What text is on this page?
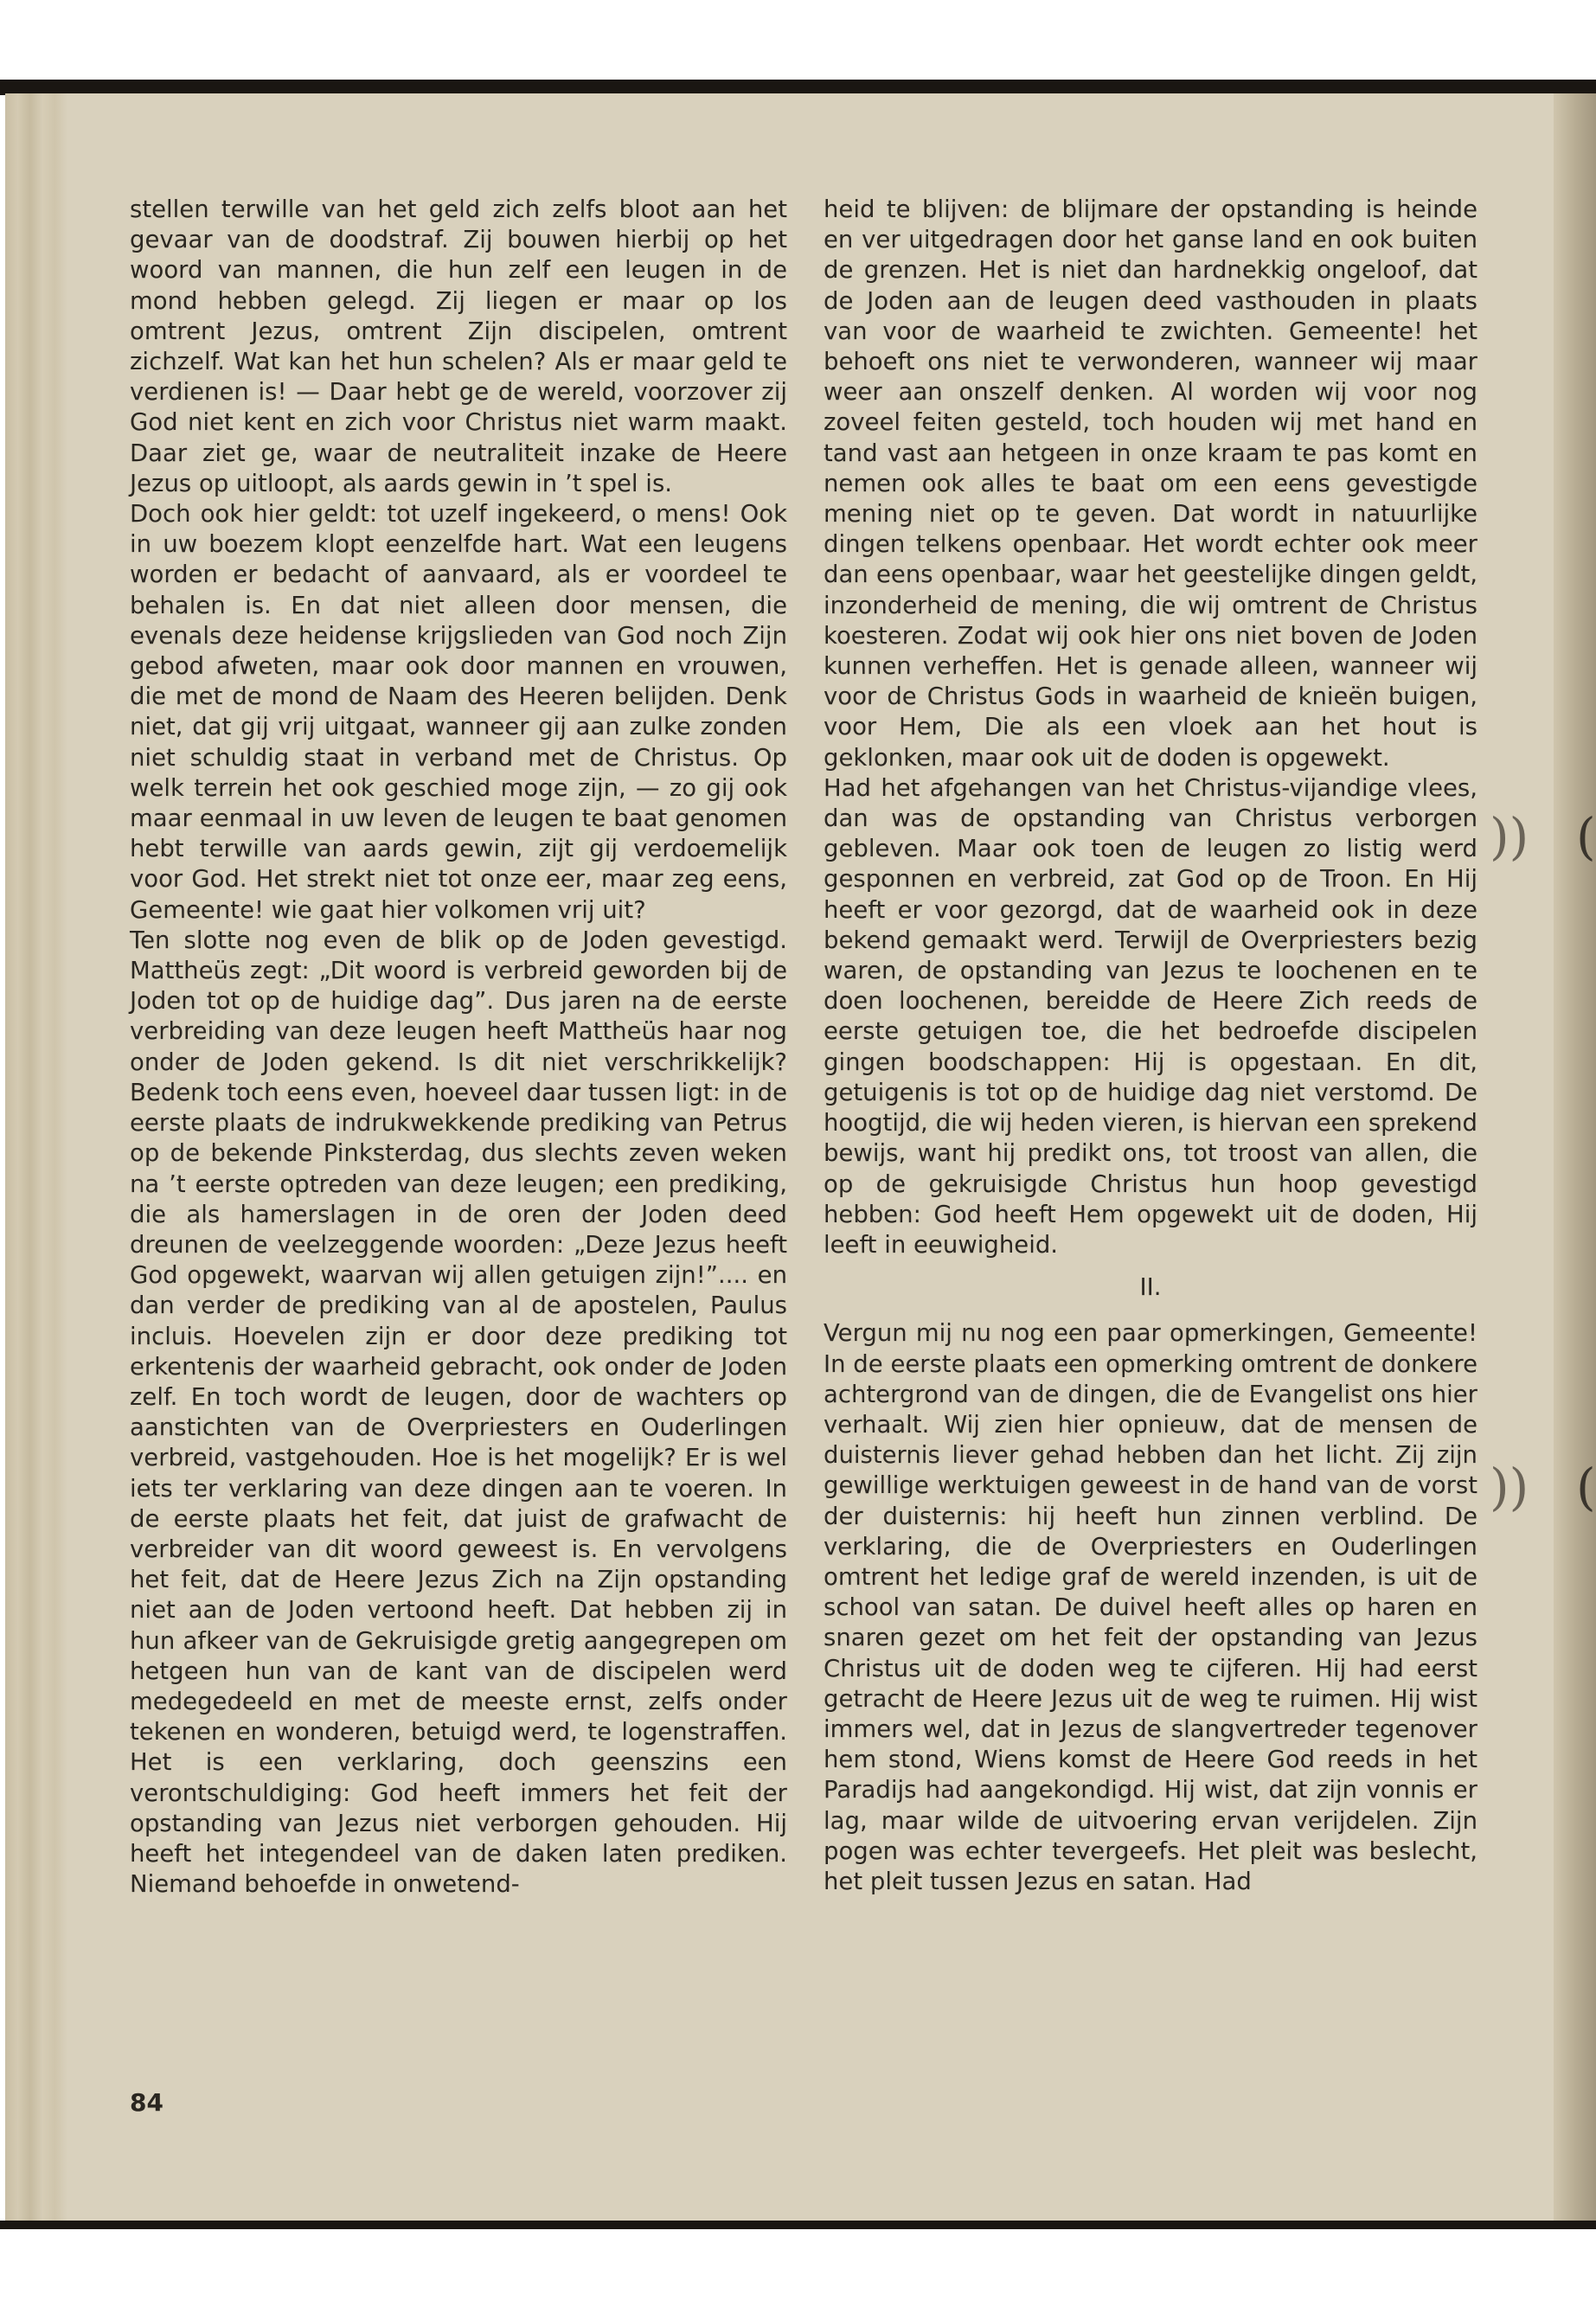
stellen terwille van het geld zich zelfs bloot aan het gevaar van de doodstraf. Zij bouwen hierbij op het woord van mannen, die hun zelf een leugen in de mond hebben gelegd. Zij liegen er maar op los omtrent Jezus, omtrent Zijn discipelen, omtrent zichzelf. Wat kan het hun schelen? Als er maar geld te verdienen is! — Daar hebt ge de wereld, voorzover zij God niet kent en zich voor Christus niet warm maakt. Daar ziet ge, waar de neutraliteit inzake de Heere Jezus op uitloopt, als aards gewin in ’t spel is.

Doch ook hier geldt: tot uzelf ingekeerd, o mens! Ook in uw boezem klopt eenzelfde hart. Wat een leugens worden er bedacht of aanvaard, als er voordeel te behalen is. En dat niet alleen door mensen, die evenals deze heidense krijgslieden van God noch Zijn gebod afweten, maar ook door mannen en vrouwen, die met de mond de Naam des Heeren belijden. Denk niet, dat gij vrij uitgaat, wanneer gij aan zulke zonden niet schuldig staat in verband met de Christus. Op welk terrein het ook geschied moge zijn, — zo gij ook maar eenmaal in uw leven de leugen te baat genomen hebt terwille van aards gewin, zijt gij verdoemelijk voor God. Het strekt niet tot onze eer, maar zeg eens, Gemeente! wie gaat hier volkomen vrij uit?

Ten slotte nog even de blik op de Joden gevestigd. Mattheüs zegt: „Dit woord is verbreid geworden bij de Joden tot op de huidige dag”. Dus jaren na de eerste verbreiding van deze leugen heeft Mattheüs haar nog onder de Joden gekend. Is dit niet verschrikkelijk? Bedenk toch eens even, hoeveel daar tussen ligt: in de eerste plaats de indrukwekkende prediking van Petrus op de bekende Pinksterdag, dus slechts zeven weken na ’t eerste optreden van deze leugen; een prediking, die als hamerslagen in de oren der Joden deed dreunen de veelzeggende woorden: „Deze Jezus heeft God opgewekt, waarvan wij allen getuigen zijn!”.... en dan verder de prediking van al de apostelen, Paulus incluis. Hoevelen zijn er door deze prediking tot erkentenis der waarheid gebracht, ook onder de Joden zelf. En toch wordt de leugen, door de wachters op aanstichten van de Overpriesters en Ouderlingen verbreid, vastgehouden. Hoe is het mogelijk? Er is wel iets ter verklaring van deze dingen aan te voeren. In de eerste plaats het feit, dat juist de grafwacht de verbreider van dit woord geweest is. En vervolgens het feit, dat de Heere Jezus Zich na Zijn opstanding niet aan de Joden vertoond heeft. Dat hebben zij in hun afkeer van de Gekruisigde gretig aangegrepen om hetgeen hun van de kant van de discipelen werd medegedeeld en met de meeste ernst, zelfs onder tekenen en wonderen, betuigd werd, te logenstraffen. Het is een verklaring, doch geenszins een verontschuldiging: God heeft immers het feit der opstanding van Jezus niet verborgen gehouden. Hij heeft het integendeel van de daken laten prediken. Niemand behoefde in onwetend-

heid te blijven: de blijmare der opstanding is heinde en ver uitgedragen door het ganse land en ook buiten de grenzen. Het is niet dan hardnekkig ongeloof, dat de Joden aan de leugen deed vasthouden in plaats van voor de waarheid te zwichten. Gemeente! het behoeft ons niet te verwonderen, wanneer wij maar weer aan onszelf denken. Al worden wij voor nog zoveel feiten gesteld, toch houden wij met hand en tand vast aan hetgeen in onze kraam te pas komt en nemen ook alles te baat om een eens gevestigde mening niet op te geven. Dat wordt in natuurlijke dingen telkens openbaar. Het wordt echter ook meer dan eens openbaar, waar het geestelijke dingen geldt, inzonderheid de mening, die wij omtrent de Christus koesteren. Zodat wij ook hier ons niet boven de Joden kunnen verheffen. Het is genade alleen, wanneer wij voor de Christus Gods in waarheid de knieën buigen, voor Hem, Die als een vloek aan het hout is geklonken, maar ook uit de doden is opgewekt.

Had het afgehangen van het Christus-vijandige vlees, dan was de opstanding van Christus verborgen gebleven. Maar ook toen de leugen zo listig werd gesponnen en verbreid, zat God op de Troon. En Hij heeft er voor gezorgd, dat de waarheid ook in deze bekend gemaakt werd. Terwijl de Overpriesters bezig waren, de opstanding van Jezus te loochenen en te doen loochenen, bereidde de Heere Zich reeds de eerste getuigen toe, die het bedroefde discipelen gingen boodschappen: Hij is opgestaan. En dit, getuigenis is tot op de huidige dag niet verstomd. De hoogtijd, die wij heden vieren, is hiervan een sprekend bewijs, want hij predikt ons, tot troost van allen, die op de gekruisigde Christus hun hoop gevestigd hebben: God heeft Hem opgewekt uit de doden, Hij leeft in eeuwigheid.

II.

Vergun mij nu nog een paar opmerkingen, Gemeente! In de eerste plaats een opmerking omtrent de donkere achtergrond van de dingen, die de Evangelist ons hier verhaalt. Wij zien hier opnieuw, dat de mensen de duisternis liever gehad hebben dan het licht. Zij zijn gewillige werktuigen geweest in de hand van de vorst der duisternis: hij heeft hun zinnen verblind. De verklaring, die de Overpriesters en Ouderlingen omtrent het ledige graf de wereld inzenden, is uit de school van satan. De duivel heeft alles op haren en snaren gezet om het feit der opstanding van Jezus Christus uit de doden weg te cijferen. Hij had eerst getracht de Heere Jezus uit de weg te ruimen. Hij wist immers wel, dat in Jezus de slangvertreder tegenover hem stond, Wiens komst de Heere God reeds in het Paradijs had aangekondigd. Hij wist, dat zijn vonnis er lag, maar wilde de uitvoering ervan verijdelen. Zijn pogen was echter tevergeefs. Het pleit was beslecht, het pleit tussen Jezus en satan. Had

84
))
))
(
(
